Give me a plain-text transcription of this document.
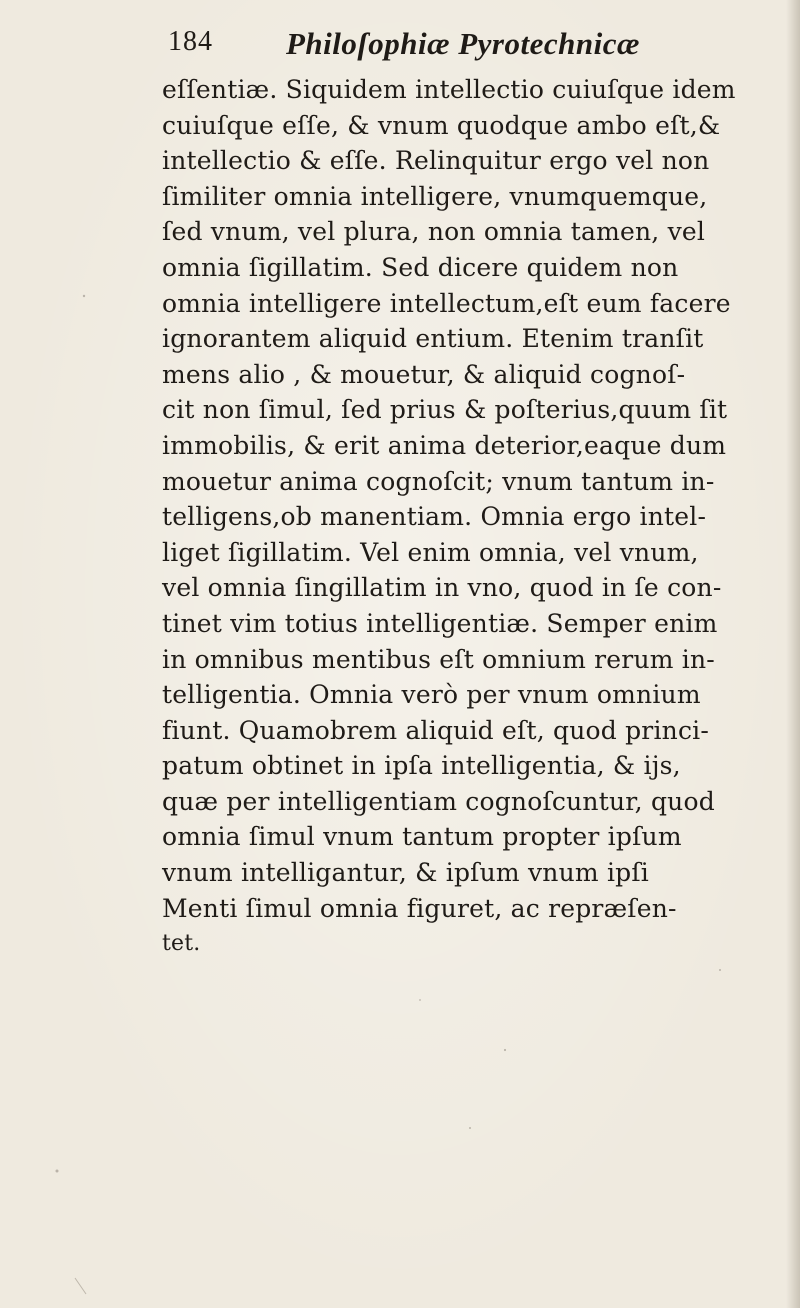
184 Philoſophiæ Pyrotechnicæ
eſſentiæ. Siquidem intellectio cuiuſque idem
cuiuſque eſſe, & vnum quodque ambo eſt,&
intellectio & eſſe. Relinquitur ergo vel non
ſimiliter omnia intelligere, vnumquemque,
ſed vnum, vel plura, non omnia tamen, vel
omnia ſigillatim. Sed dicere quidem non
omnia intelligere intellectum,eſt eum facere
ignorantem aliquid entium. Etenim tranſit
mens alio , & mouetur, & aliquid cognoſ-
cit non ſimul, ſed prius & poſterius,quum ſit
immobilis, & erit anima deterior,eaque dum
mouetur anima cognoſcit; vnum tantum in-
telligens,ob manentiam. Omnia ergo intel-
liget ſigillatim. Vel enim omnia, vel vnum,
vel omnia ſingillatim in vno, quod in ſe con-
tinet vim totius intelligentiæ. Semper enim
in omnibus mentibus eſt omnium rerum in-
telligentia. Omnia verò per vnum omnium
fiunt. Quamobrem aliquid eſt, quod princi-
patum obtinet in ipſa intelligentia, & ijs,
quæ per intelligentiam cognoſcuntur, quod
omnia ſimul vnum tantum propter ipſum
vnum intelligantur, & ipſum vnum ipſi
Menti ſimul omnia figuret, ac repræſen-
tet.
